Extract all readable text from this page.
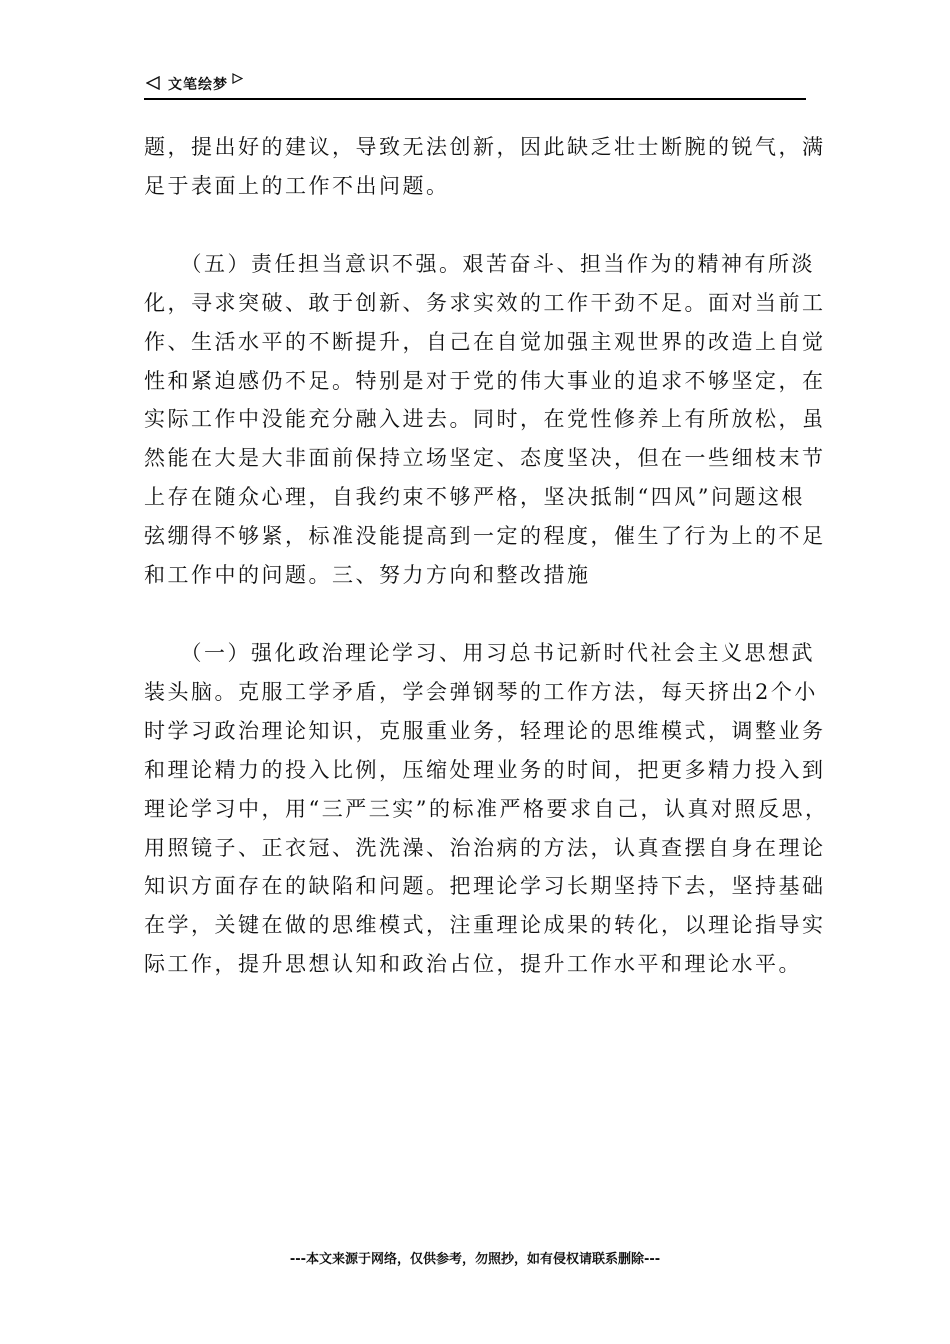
文笔绘梦

题，提出好的建议，导致无法创新，因此缺乏壮士断腕的锐气，满
足于表面上的工作不出问题。

　　（五）责任担当意识不强。艰苦奋斗、担当作为的精神有所淡
化，寻求突破、敢于创新、务求实效的工作干劲不足。面对当前工
作、生活水平的不断提升，自己在自觉加强主观世界的改造上自觉
性和紧迫感仍不足。特别是对于党的伟大事业的追求不够坚定，在
实际工作中没能充分融入进去。同时，在党性修养上有所放松，虽
然能在大是大非面前保持立场坚定、态度坚决，但在一些细枝末节
上存在随众心理，自我约束不够严格，坚决抵制“四风”问题这根
弦绷得不够紧，标准没能提高到一定的程度，催生了行为上的不足
和工作中的问题。三、努力方向和整改措施

　　（一）强化政治理论学习、用习总书记新时代社会主义思想武
装头脑。克服工学矛盾，学会弹钢琴的工作方法，每天挤出2个小
时学习政治理论知识，克服重业务，轻理论的思维模式，调整业务
和理论精力的投入比例，压缩处理业务的时间，把更多精力投入到
理论学习中，用“三严三实”的标准严格要求自己，认真对照反思，
用照镜子、正衣冠、洗洗澡、治治病的方法，认真查摆自身在理论
知识方面存在的缺陷和问题。把理论学习长期坚持下去，坚持基础
在学，关键在做的思维模式，注重理论成果的转化，以理论指导实
际工作，提升思想认知和政治占位，提升工作水平和理论水平。

---本文来源于网络，仅供参考，勿照抄，如有侵权请联系删除---
